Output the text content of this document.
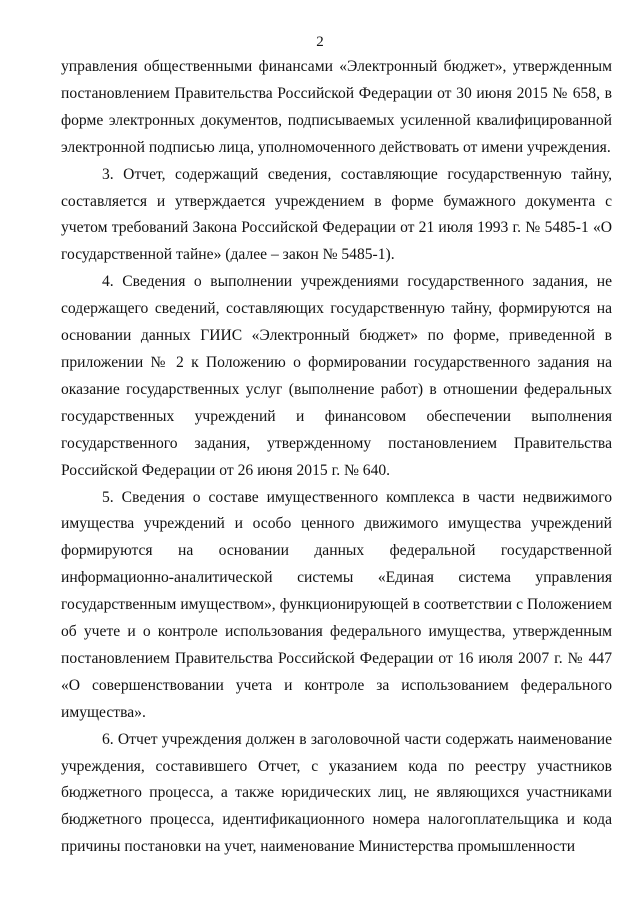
2

управления общественными финансами «Электронный бюджет», утвержденным постановлением Правительства Российской Федерации от 30 июня 2015 № 658, в форме электронных документов, подписываемых усиленной квалифицированной электронной подписью лица, уполномоченного действовать от имени учреждения.

3. Отчет, содержащий сведения, составляющие государственную тайну, составляется и утверждается учреждением в форме бумажного документа с учетом требований Закона Российской Федерации от 21 июля 1993 г. № 5485-1 «О государственной тайне» (далее – закон № 5485-1).

4. Сведения о выполнении учреждениями государственного задания, не содержащего сведений, составляющих государственную тайну, формируются на основании данных ГИИС «Электронный бюджет» по форме, приведенной в приложении № 2 к Положению о формировании государственного задания на оказание государственных услуг (выполнение работ) в отношении федеральных государственных учреждений и финансовом обеспечении выполнения государственного задания, утвержденному постановлением Правительства Российской Федерации от 26 июня 2015 г. № 640.

5. Сведения о составе имущественного комплекса в части недвижимого имущества учреждений и особо ценного движимого имущества учреждений формируются на основании данных федеральной государственной информационно-аналитической системы «Единая система управления государственным имуществом», функционирующей в соответствии с Положением об учете и о контроле использования федерального имущества, утвержденным постановлением Правительства Российской Федерации от 16 июля 2007 г. № 447 «О совершенствовании учета и контроле за использованием федерального имущества».

6. Отчет учреждения должен в заголовочной части содержать наименование учреждения, составившего Отчет, с указанием кода по реестру участников бюджетного процесса, а также юридических лиц, не являющихся участниками бюджетного процесса, идентификационного номера налогоплательщика и кода причины постановки на учет, наименование Министерства промышленности
